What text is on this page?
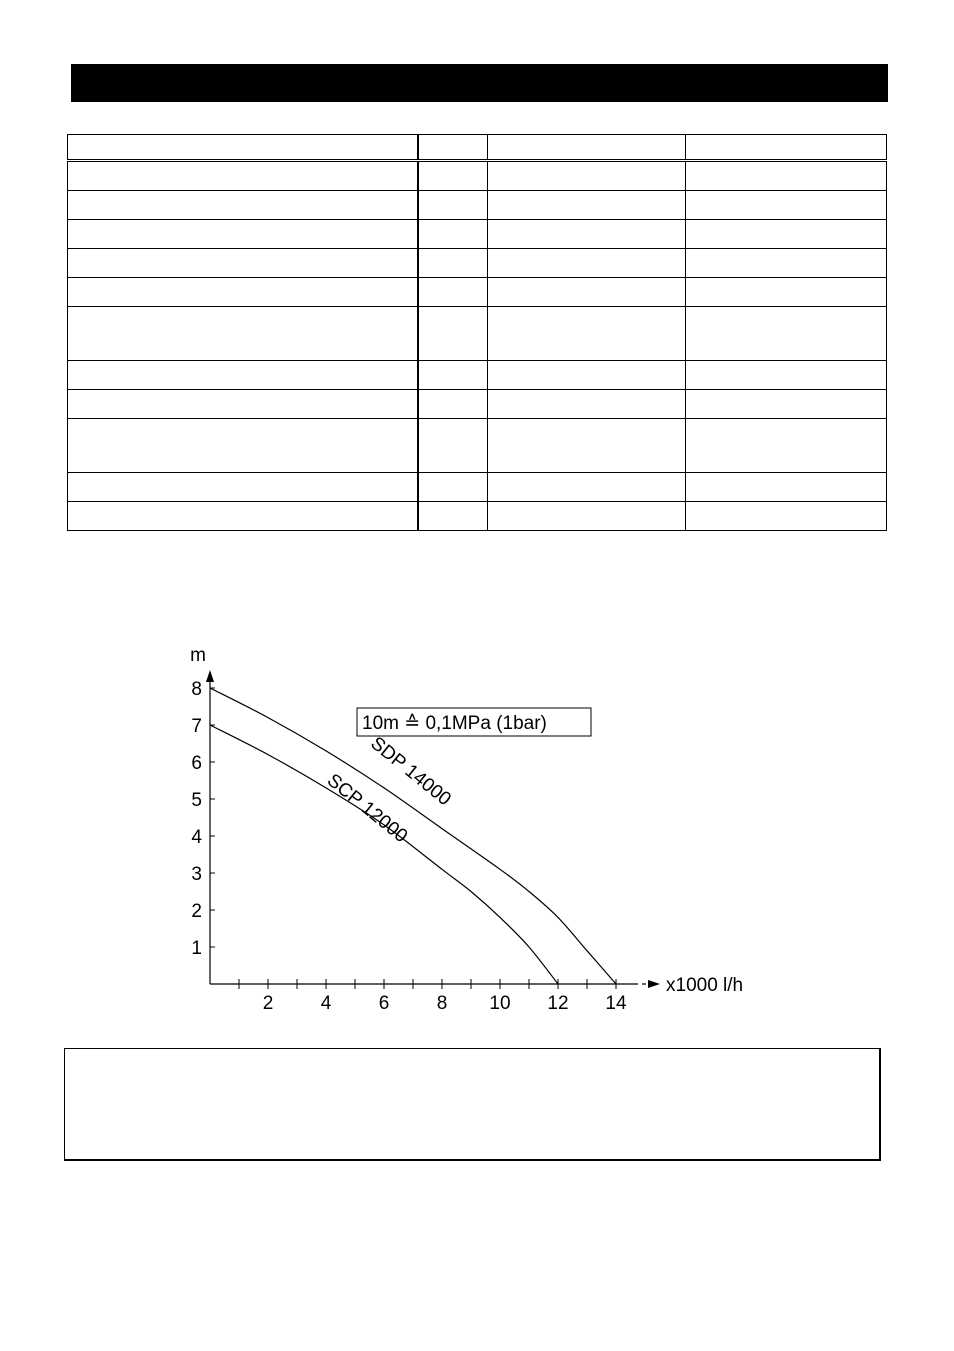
1
2
3
4
5
6
7
8
2 4 6 8 10 12 14
m
x1000 l/h
10m ≙ 0,1MPa (1bar)
SDP 14000
SCP 12000
